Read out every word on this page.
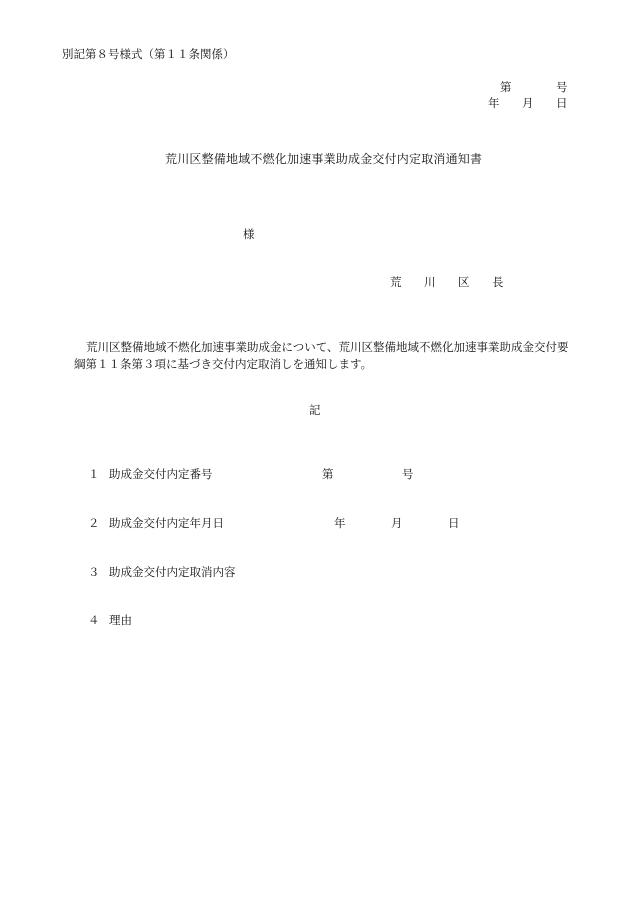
別記第８号様式（第１１条関係）
第	号
年 月 日
荒川区整備地域不燃化加速事業助成金交付内定取消通知書
様
荒 川 区 長
荒川区整備地域不燃化加速事業助成金について、荒川区整備地域不燃化加速事業助成金交付要綱第１１条第３項に基づき交付内定取消しを通知します。
記
１ 助成金交付内定番号	第	号
２ 助成金交付内定年月日	年	月	日
３ 助成金交付内定取消内容
４ 理由
